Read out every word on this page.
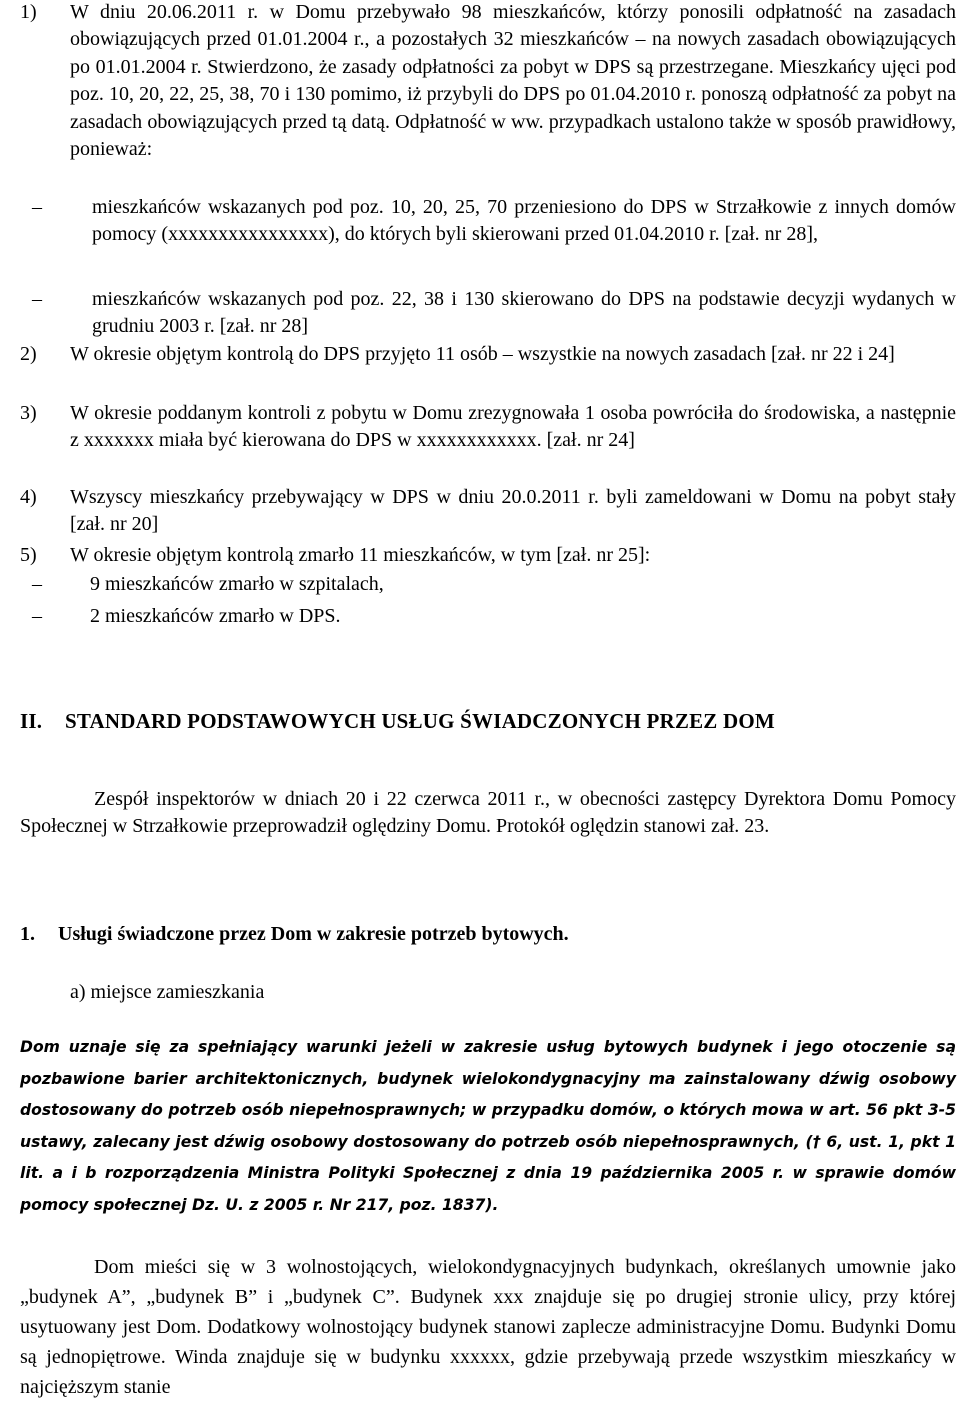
1)	W dniu 20.06.2011 r. w Domu przebywało 98 mieszkańców, którzy ponosili odpłatność na zasadach obowiązujących przed 01.01.2004 r., a pozostałych 32 mieszkańców – na nowych zasadach obowiązujących po 01.01.2004 r. Stwierdzono, że zasady odpłatności za pobyt w DPS są przestrzegane. Mieszkańcy ujęci pod poz. 10, 20, 22, 25, 38, 70 i 130 pomimo, iż przybyli do DPS po 01.04.2010 r. ponoszą odpłatność za pobyt na zasadach obowiązujących przed tą datą. Odpłatność w ww. przypadkach ustalono także w sposób prawidłowy, ponieważ:
–	mieszkańców wskazanych pod poz. 10, 20, 25, 70 przeniesiono do DPS w Strzałkowie z innych domów pomocy (xxxxxxxxxxxxxxxx), do których byli skierowani przed 01.04.2010 r. [zał. nr 28],
–	mieszkańców wskazanych pod poz. 22, 38 i 130 skierowano do DPS na podstawie decyzji wydanych w grudniu 2003 r. [zał. nr 28]
2)	W okresie objętym kontrolą do DPS przyjęto 11 osób – wszystkie na nowych zasadach [zał. nr 22 i 24]
3)	W okresie poddanym kontroli z pobytu w Domu zrezygnowała 1 osoba powróciła do środowiska, a następnie z xxxxxxx miała być kierowana do DPS w xxxxxxxxxxxx. [zał. nr 24]
4)	Wszyscy mieszkańcy przebywający w DPS w dniu 20.0.2011 r. byli zameldowani w Domu na pobyt stały [zał. nr 20]
5)	W okresie objętym kontrolą zmarło 11 mieszkańców, w tym [zał. nr 25]:
–	9 mieszkańców zmarło w szpitalach,
–	2 mieszkańców zmarło w DPS.
II. STANDARD PODSTAWOWYCH USŁUG ŚWIADCZONYCH PRZEZ DOM
Zespół inspektorów w dniach 20 i 22 czerwca 2011 r., w obecności zastępcy Dyrektora Domu Pomocy Społecznej w Strzałkowie przeprowadził oględziny Domu. Protokół oględzin stanowi zał. 23.
1. Usługi świadczone przez Dom w zakresie potrzeb bytowych.
a) miejsce zamieszkania
Dom uznaje się za spełniający warunki jeżeli w zakresie usług bytowych budynek i jego otoczenie są pozbawione barier architektonicznych, budynek wielokondygnacyjny ma zainstalowany dźwig osobowy dostosowany do potrzeb osób niepełnosprawnych; w przypadku domów, o których mowa w art. 56 pkt 3-5 ustawy, zalecany jest dźwig osobowy dostosowany do potrzeb osób niepełnosprawnych, († 6, ust. 1, pkt 1 lit. a i b rozporządzenia Ministra Polityki Społecznej z dnia 19 października 2005 r. w sprawie domów pomocy społecznej Dz. U. z 2005 r. Nr 217, poz. 1837).
Dom mieści się w 3 wolnostojących, wielokondygnacyjnych budynkach, określanych umownie jako „budynek A”, „budynek B” i „budynek C”. Budynek xxx znajduje się po drugiej stronie ulicy, przy której usytuowany jest Dom. Dodatkowy wolnostojący budynek stanowi zaplecze administracyjne Domu. Budynki Domu są jednopiętrowe. Winda znajduje się w budynku xxxxxx, gdzie przebywają przede wszystkim mieszkańcy w najcięższym stanie
